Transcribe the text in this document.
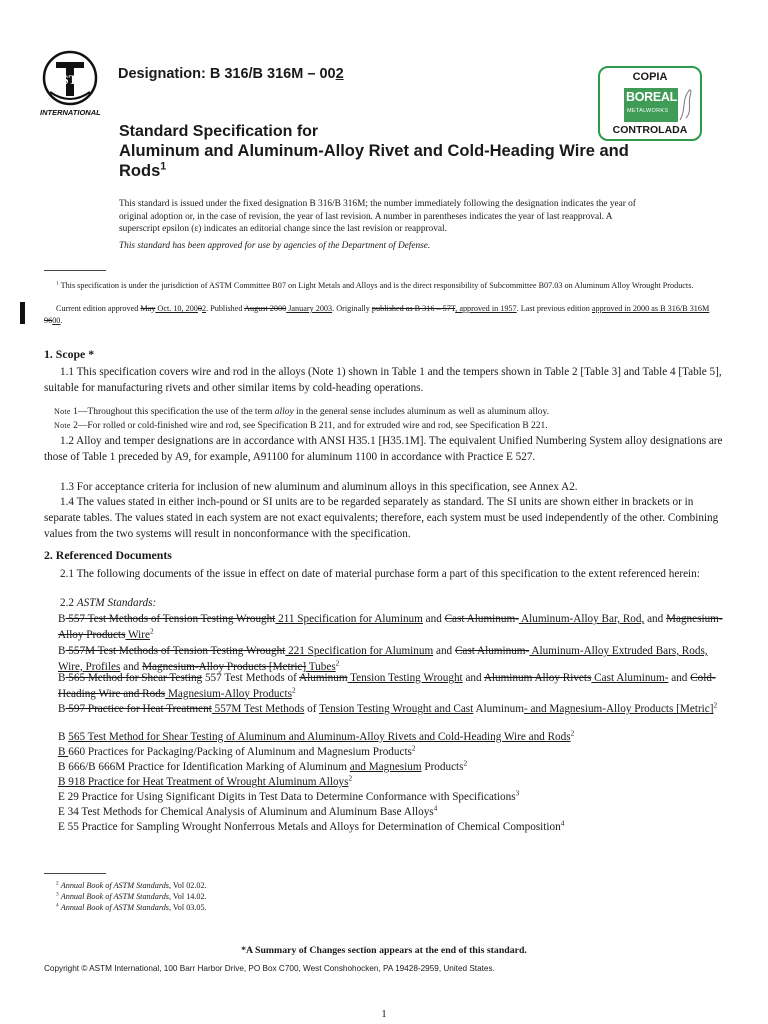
ASTM
INTERNATIONAL
Designation: B 316/B 316M – 002	COPIA
BOREAL
METALWORKS
CONTROLADA
Standard Specification for
Aluminum and Aluminum-Alloy Rivet and Cold-Heading Wire and Rods$^1$
This standard is issued under the fixed designation B 316/B 316M; the number immediately following the designation indicates the year of original adoption or, in the case of revision, the year of last revision. A number in parentheses indicates the year of last reapproval. A superscript epsilon (ε) indicates an editorial change since the last revision or reapproval.
This standard has been approved for use by agencies of the Department of Defense.
$^1$ This specification is under the jurisdiction of ASTM Committee B07 on Light Metals and Alloys and is the direct responsibility of Subcommittee B07.03 on Aluminum Alloy Wrought Products.
Current edition approved May Oct. 10, 20002. Published August 2000 January 2003. Originally published as B 316 – 57T, approved in 1957. Last previous edition approved in 2000 as B 316/B 316M 9600.
1. Scope *
1.1 This specification covers wire and rod in the alloys (Note 1) shown in Table 1 and the tempers shown in Table 2 [Table 3] and Table 4 [Table 5], suitable for manufacturing rivets and other similar items by cold-heading operations.
Note 1—Throughout this specification the use of the term alloy in the general sense includes aluminum as well as aluminum alloy.
Note 2—For rolled or cold-finished wire and rod, see Specification B 211, and for extruded wire and rod, see Specification B 221.
1.2 Alloy and temper designations are in accordance with ANSI H35.1 [H35.1M]. The equivalent Unified Numbering System alloy designations are those of Table 1 preceded by A9, for example, A91100 for aluminum 1100 in accordance with Practice E 527.
1.3 For acceptance criteria for inclusion of new aluminum and aluminum alloys in this specification, see Annex A2.
1.4 The values stated in either inch-pound or SI units are to be regarded separately as standard. The SI units are shown either in brackets or in separate tables. The values stated in each system are not exact equivalents; therefore, each system must be used independently of the other. Combining values from the two systems will result in nonconformance with the specification.
2. Referenced Documents
2.1 The following documents of the issue in effect on date of material purchase form a part of this specification to the extent referenced herein:
2.2 ASTM Standards:
B 557 Test Methods of Tension Testing Wrought 211 Specification for Aluminum and Cast Aluminum- Aluminum-Alloy Bar, Rod, and Magnesium-Alloy Products Wire$^2$
B 557M Test Methods of Tension Testing Wrought 221 Specification for Aluminum and Cast Aluminum- Aluminum-Alloy Extruded Bars, Rods, Wire, Profiles and Magnesium-Alloy Products [Metric] Tubes$^2$
B 565 Method for Shear Testing 557 Test Methods of Aluminum Tension Testing Wrought and Aluminum Alloy Rivets Cast Aluminum- and Cold-Heading Wire and Rods Magnesium-Alloy Products$^2$
B 597 Practice for Heat Treatment 557M Test Methods of Tension Testing Wrought and Cast Aluminum- and Magnesium-Alloy Products [Metric]$^2$
B 565 Test Method for Shear Testing of Aluminum and Aluminum-Alloy Rivets and Cold-Heading Wire and Rods$^2$
B 660 Practices for Packaging/Packing of Aluminum and Magnesium Products$^2$
B 666/B 666M Practice for Identification Marking of Aluminum and Magnesium Products$^2$
B 918 Practice for Heat Treatment of Wrought Aluminum Alloys$^2$
E 29 Practice for Using Significant Digits in Test Data to Determine Conformance with Specifications$^3$
E 34 Test Methods for Chemical Analysis of Aluminum and Aluminum Base Alloys$^4$
E 55 Practice for Sampling Wrought Nonferrous Metals and Alloys for Determination of Chemical Composition$^4$
$^2$ Annual Book of ASTM Standards, Vol 02.02.
$^3$ Annual Book of ASTM Standards, Vol 14.02.
$^4$ Annual Book of ASTM Standards, Vol 03.05.
*A Summary of Changes section appears at the end of this standard.
Copyright © ASTM International, 100 Barr Harbor Drive, PO Box C700, West Conshohocken, PA 19428-2959, United States.
1
